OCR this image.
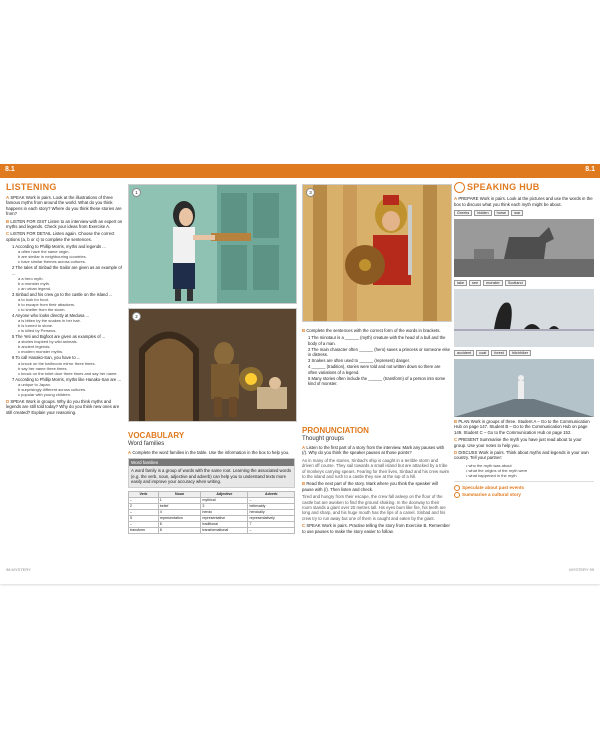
8.1	8.1
LISTENING
A SPEAK Work in pairs. Look at the illustrations of three famous myths from around the world. What do you think happens in each story? Where do you think these stories are from?
B LISTEN FOR GIST Listen to an interview with an expert on myths and legends. Check your ideas from Exercise A.
C LISTEN FOR DETAIL Listen again. Choose the correct options (a, b or c) to complete the sentences.
1 According to Phillip Morris, myths and legends ...
a often have the same origin.
b are similar in neighbouring countries.
c have similar themes across cultures.
2 The tales of Sinbad the Sailor are given as an example of ...
a a hero myth.
b a monster myth.
c an urban legend.
3 Sinbad and his crew go to the castle on the island ...
a to look for food.
b to escape from their attackers.
c to shelter from the storm.
4 Anyone who looks directly at Medusa ...
a is bitten by the snakes in her hair.
b is turned to stone.
c is killed by Perseus.
5 The Yeti and Bigfoot are given as examples of ...
a stories inspired by wild animals.
b ancient legends.
c modern monster myths.
6 To call Hanako-San, you have to ...
a knock on the bathroom mirror three times.
b say her name three times.
c knock on the toilet door three times and say her name.
7 According to Phillip Morris, myths like Hanako-San are ...
a unique to Japan.
b surprisingly different across cultures.
c popular with young children.
D SPEAK Work in groups. Why do you think myths and legends are still told today? Why do you think new ones are still created? Explain your reasoning.
1
2
VOCABULARY
Word families
A Complete the word families in the table. Use the information in the box to help you.
Word families
A word family is a group of words with the same root. Learning the associated words (e.g. the verb, noun, adjective and adverb) can help you to understand texts more easily and improve your accuracy when writing.
Verb	Noun	Adjective	Adverb
–	1	mythical	–
2	belief	3	believably
–	4	heroic	heroically
5	representation	representative	representatively
–	6	traditional	7
transform	8	transformational	–
98 MYSTERY
3
B Complete the sentences with the correct form of the words in brackets.
1 The minotaur is a ______ (myth) creature with the head of a bull and the body of a man.
2 The main character often ______ (hero) saves a princess or someone else in distress.
3 Snakes are often used to ______ (represent) danger.
4 ______ (tradition), stories were told and not written down so there are often variations of a legend.
5 Many stories often include the ______ (transform) of a person into some kind of monster.
PRONUNCIATION
Thought groups
A Listen to the first part of a story from the interview. Mark any pauses with (/). Why do you think the speaker pauses at those points?
As in many of the stories, Sinbad's ship is caught in a terrible storm and driven off course. They sail towards a small island but are attacked by a tribe of monkeys carrying spears. Fearing for their lives, Sinbad and his crew swim to the island and rush to a castle they see at the top of a hill.
B Read the next part of the story. Mark where you think the speaker will pause with (/). Then listen and check.
Tired and hungry from their escape, the crew fall asleep on the floor of the castle but are awoken to find the ground shaking. In the doorway to their room stands a giant over 20 metres tall. His eyes burn like fire, his teeth are long and sharp, and his huge mouth has the lips of a camel. Sinbad and his crew try to run away but one of them is caught and eaten by the giant.
C SPEAK Work in pairs. Practise telling the story from Exercise B. Remember to use pauses to make the story easier to follow.
SPEAKING HUB
A PREPARE Work in pairs. Look at the pictures and use the words in the box to discuss what you think each myth might be about.
Greeks	hidden	horse	war
lake	see	monster	Scotland
accident	coat	forest	hitchhiker
B PLAN Work in groups of three. Student A – Go to the Communication Hub on page 147. Student B – Go to the Communication Hub on page 149. Student C – Go to the Communication Hub on page 152.
C PRESENT Summarise the myth you have just read about to your group. Use your notes to help you.
D DISCUSS Work in pairs. Think about myths and legends in your own country. Tell your partner:
• who the myth was about
• what the origins of the myth were
• what happened in the myth
Speculate about past events
Summarise a cultural story
MYSTERY 99
